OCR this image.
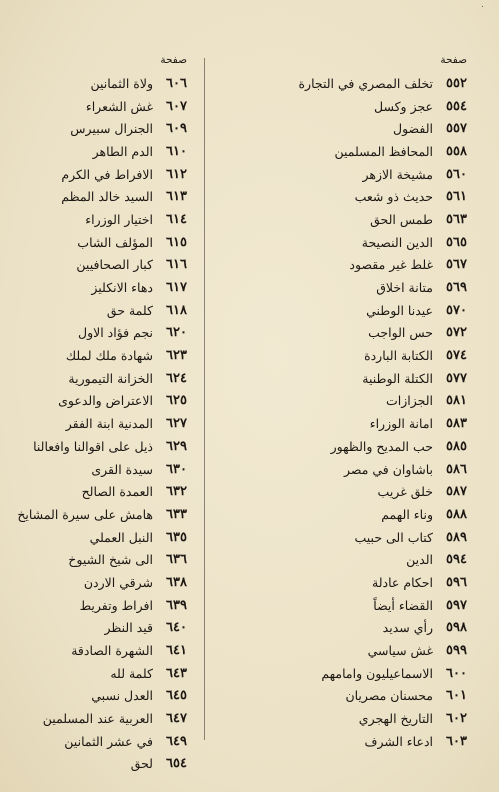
٠
صفحة
٥٥٢
تخلف المصري في التجارة
٥٥٤
عجز وكسل
٥٥٧
الفضول
٥٥٨
المحافظ المسلمين
٥٦٠
مشيخة الازهر
٥٦١
حديث ذو شعب
٥٦٣
طمس الحق
٥٦٥
الدين النصيحة
٥٦٧
غلط غير مقصود
٥٦٩
متانة اخلاق
٥٧٠
عيدنا الوطني
٥٧٢
حس الواجب
٥٧٤
الكتابة الباردة
٥٧٧
الكتلة الوطنية
٥٨١
الجزازات
٥٨٣
امانة الوزراء
٥٨٥
حب المديح والظهور
٥٨٦
باشاوان في مصر
٥٨٧
خلق غريب
٥٨٨
وناء الهمم
٥٨٩
كتاب الى حبيب
٥٩٤
الدين
٥٩٦
احكام عادلة
٥٩٧
القضاء أيضاً
٥٩٨
رأي سديد
٥٩٩
غش سياسي
٦٠٠
الاسماعيليون وامامهم
٦٠١
محسنان مصريان
٦٠٢
التاريخ الهجري
٦٠٣
ادعاء الشرف
صفحة
٦٠٦
ولاة الثمانين
٦٠٧
غش الشعراء
٦٠٩
الجنرال سبيرس
٦١٠
الدم الطاهر
٦١٢
الافراط في الكرم
٦١٣
السيد خالد المظم
٦١٤
اختيار الوزراء
٦١٥
المؤلف الشاب
٦١٦
كبار الصحافيين
٦١٧
دهاء الانكليز
٦١٨
كلمة حق
٦٢٠
نجم فؤاد الاول
٦٢٣
شهادة ملك لملك
٦٢٤
الخزانة التيمورية
٦٢٥
الاعتراض والدعوى
٦٢٧
المدنية ابنة الفقر
٦٢٩
ذيل على اقوالنا وافعالنا
٦٣٠
سيدة القرى
٦٣٢
العمدة الصالح
٦٣٣
هامش على سيرة المشايخ
٦٣٥
النبل العملي
٦٣٦
الى شيخ الشيوخ
٦٣٨
شرقي الاردن
٦٣٩
افراط وتفريط
٦٤٠
قيد النظر
٦٤١
الشهرة الصادقة
٦٤٣
كلمة لله
٦٤٥
العدل نسبي
٦٤٧
العربية عند المسلمين
٦٤٩
في عشر الثمانين
٦٥٤
لحق
